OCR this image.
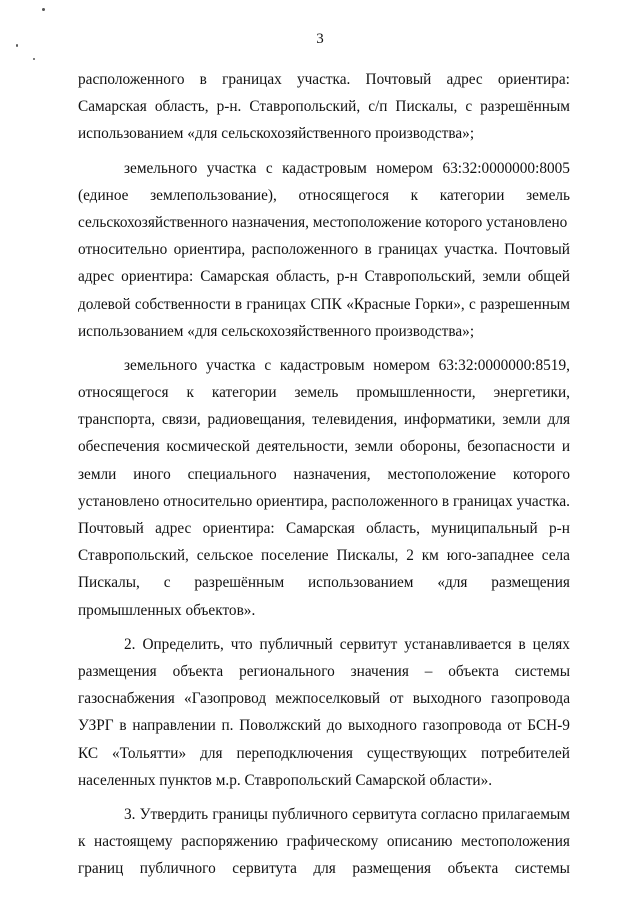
3
расположенного в границах участка. Почтовый адрес ориентира:
Самарская область, р-н. Ставропольский, с/п Пискалы, с разрешённым
использованием «для сельскохозяйственного производства»;
земельного участка с кадастровым номером 63:32:0000000:8005
(единое землепользование), относящегося к категории земель
сельскохозяйственного назначения, местоположение которого установлено
относительно ориентира, расположенного в границах участка. Почтовый
адрес ориентира: Самарская область, р-н Ставропольский, земли общей
долевой собственности в границах СПК «Красные Горки», с разрешенным
использованием «для сельскохозяйственного производства»;
земельного участка с кадастровым номером 63:32:0000000:8519,
относящегося к категории земель промышленности, энергетики,
транспорта, связи, радиовещания, телевидения, информатики, земли для
обеспечения космической деятельности, земли обороны, безопасности и
земли иного специального назначения, местоположение которого
установлено относительно ориентира, расположенного в границах участка.
Почтовый адрес ориентира: Самарская область, муниципальный р-н
Ставропольский, сельское поселение Пискалы, 2 км юго-западнее села
Пискалы, с разрешённым использованием «для размещения
промышленных объектов».
2. Определить, что публичный сервитут устанавливается в целях
размещения объекта регионального значения – объекта системы
газоснабжения «Газопровод межпоселковый от выходного газопровода
УЗРГ в направлении п. Поволжский до выходного газопровода от БСН-9
КС «Тольятти» для переподключения существующих потребителей
населенных пунктов м.р. Ставропольский Самарской области».
3. Утвердить границы публичного сервитута согласно прилагаемым
к настоящему распоряжению графическому описанию местоположения
границ публичного сервитута для размещения объекта системы
